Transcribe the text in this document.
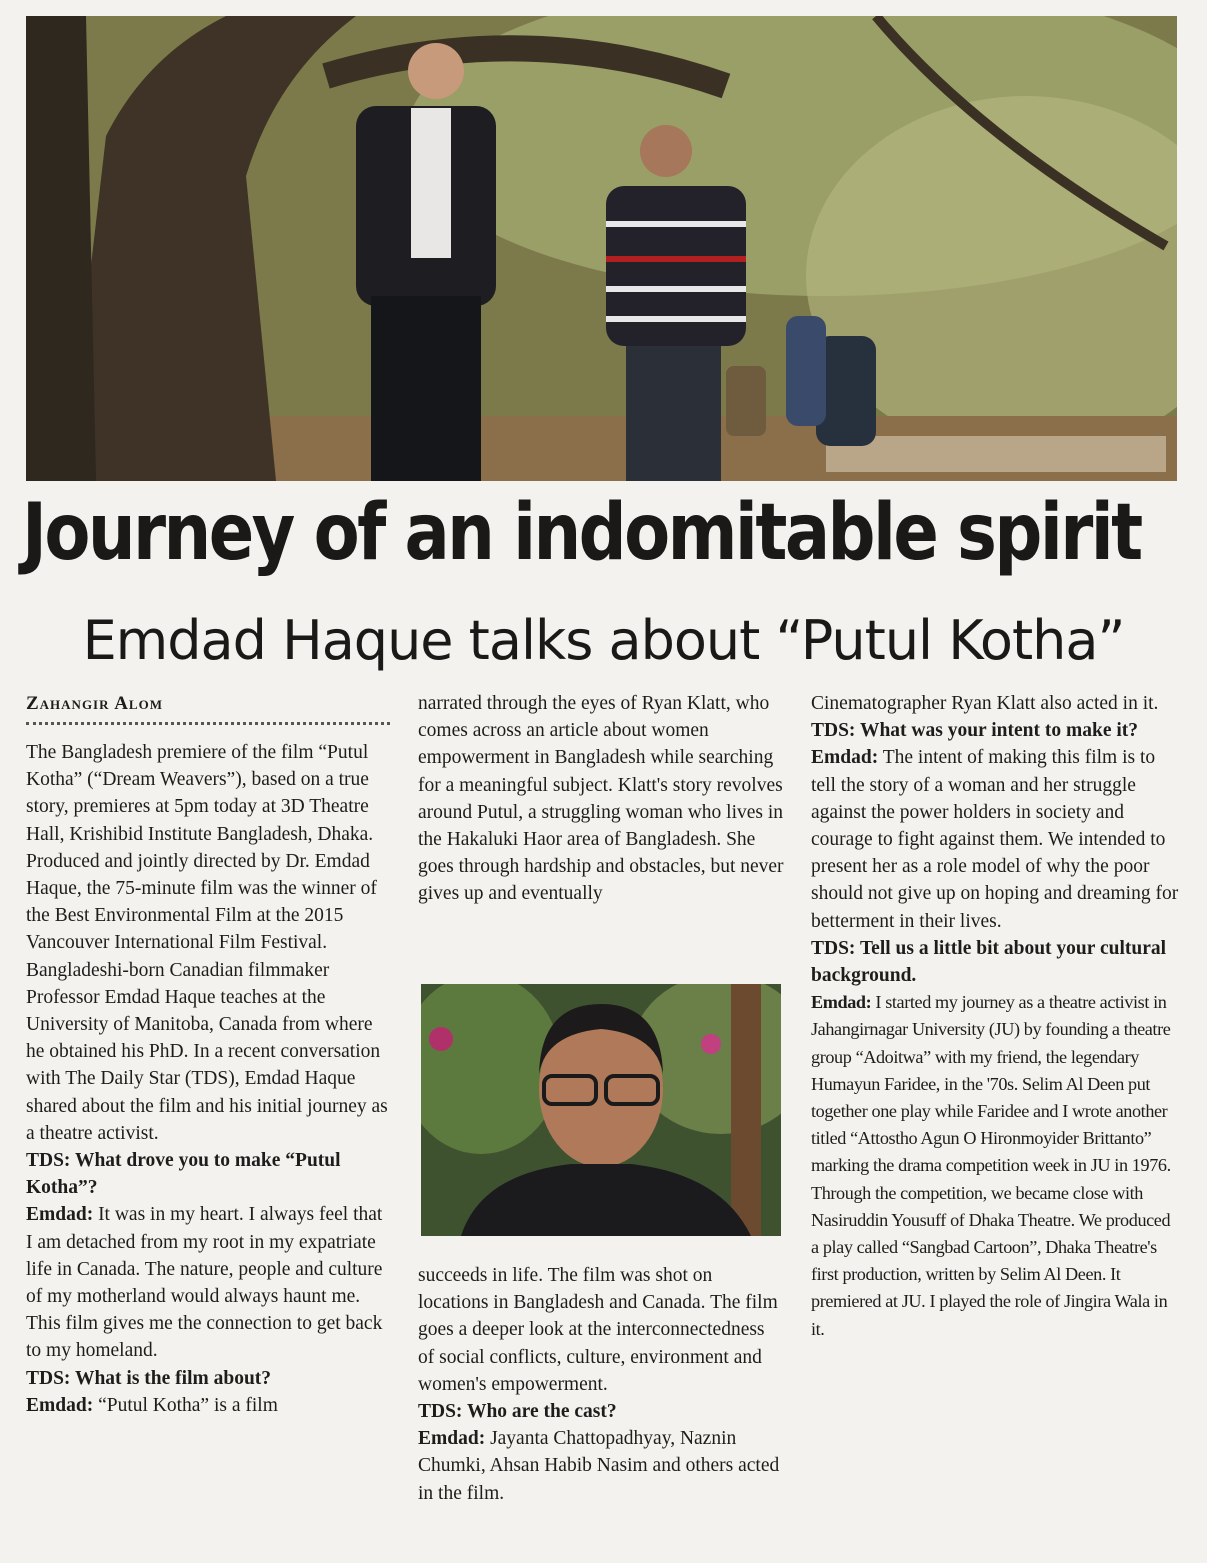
Journey of an indomitable spirit
Emdad Haque talks about “Putul Kotha”
Zahangir Alom

The Bangladesh premiere of the film “Putul Kotha” (“Dream Weavers”), based on a true story, premieres at 5pm today at 3D Theatre Hall, Krishibid Institute Bangladesh, Dhaka. Produced and jointly directed by Dr. Emdad Haque, the 75-minute film was the winner of the Best Environmental Film at the 2015 Vancouver International Film Festival. Bangladeshi-born Canadian filmmaker Professor Emdad Haque teaches at the University of Manitoba, Canada from where he obtained his PhD. In a recent conversation with The Daily Star (TDS), Emdad Haque shared about the film and his initial journey as a theatre activist.

TDS: What drove you to make “Putul Kotha”?

Emdad: It was in my heart. I always feel that I am detached from my root in my expatriate life in Canada. The nature, people and culture of my motherland would always haunt me. This film gives me the connection to get back to my homeland.

TDS: What is the film about?

Emdad: “Putul Kotha” is a film

narrated through the eyes of Ryan Klatt, who comes across an article about women empowerment in Bangladesh while searching for a meaningful subject. Klatt's story revolves around Putul, a struggling woman who lives in the Hakaluki Haor area of Bangladesh. She goes through hardship and obstacles, but never gives up and eventually

succeeds in life. The film was shot on locations in Bangladesh and Canada. The film goes a deeper look at the interconnectedness of social conflicts, culture, environment and women's empowerment.

TDS: Who are the cast?

Emdad: Jayanta Chattopadhyay, Naznin Chumki, Ahsan Habib Nasim and others acted in the film.

Cinematographer Ryan Klatt also acted in it.

TDS: What was your intent to make it?

Emdad: The intent of making this film is to tell the story of a woman and her struggle against the power holders in society and courage to fight against them. We intended to present her as a role model of why the poor should not give up on hoping and dreaming for betterment in their lives.

TDS: Tell us a little bit about your cultural background.

Emdad: I started my journey as a theatre activist in Jahangirnagar University (JU) by founding a theatre group “Adoitwa” with my friend, the legendary Humayun Faridee, in the '70s. Selim Al Deen put together one play while Faridee and I wrote another titled “Attostho Agun O Hironmoyider Brittanto” marking the drama competition week in JU in 1976. Through the competition, we became close with Nasiruddin Yousuff of Dhaka Theatre. We produced a play called “Sangbad Cartoon”, Dhaka Theatre's first production, written by Selim Al Deen. It premiered at JU. I played the role of Jingira Wala in it.
